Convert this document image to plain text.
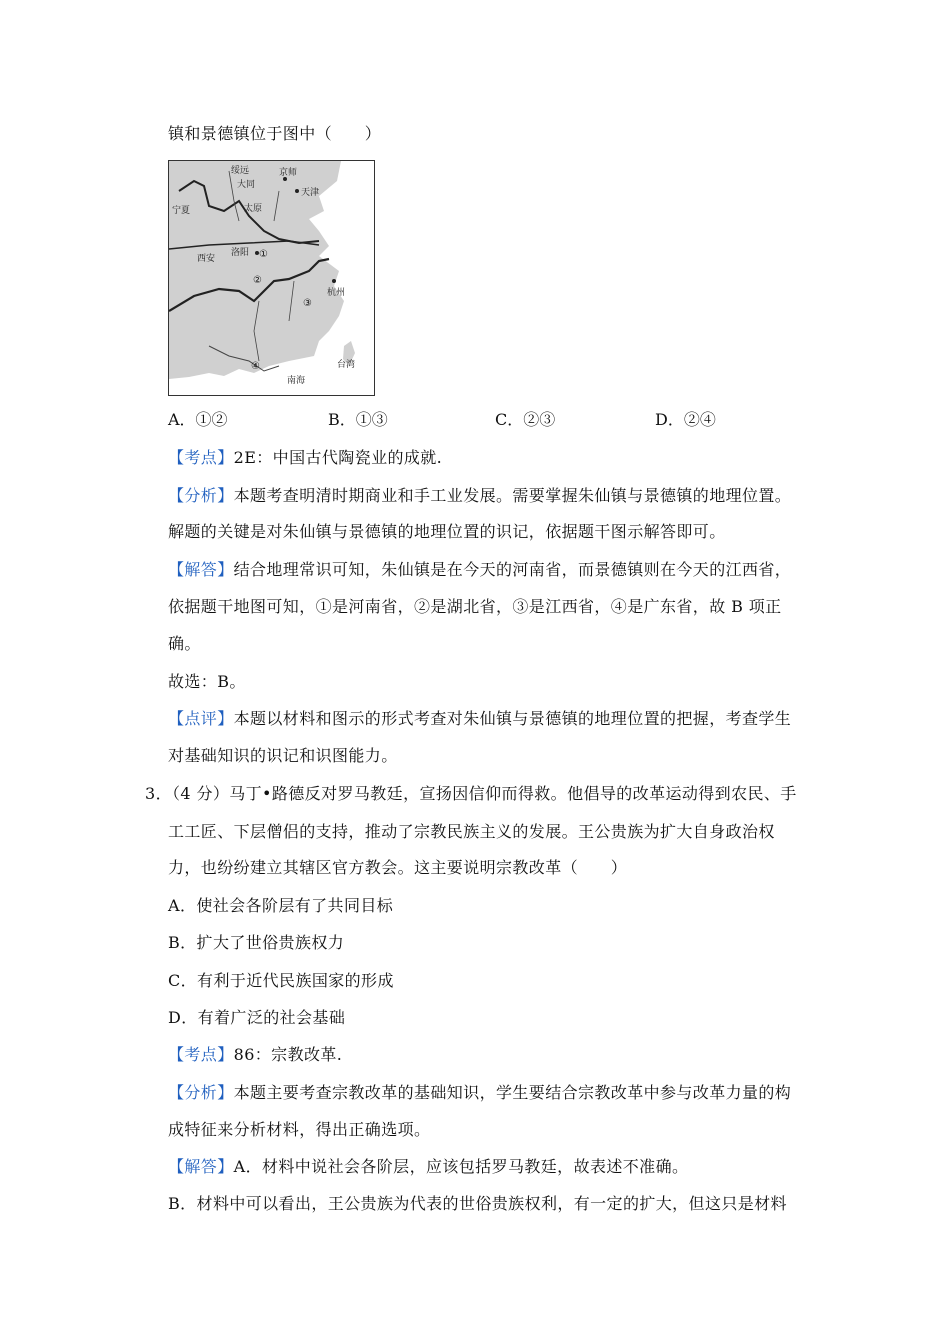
镇和景德镇位于图中（　　）
绥远	京师
大同
天津
宁夏	太原
西安
洛阳
杭州
台湾
南海
①
②
③
④
A．①②	B．①③	C．②③	D．②④
【考点】2E：中国古代陶瓷业的成就.
【分析】本题考查明清时期商业和手工业发展。需要掌握朱仙镇与景德镇的地理位置。
解题的关键是对朱仙镇与景德镇的地理位置的识记，依据题干图示解答即可。
【解答】结合地理常识可知，朱仙镇是在今天的河南省，而景德镇则在今天的江西省，
依据题干地图可知，①是河南省，②是湖北省，③是江西省，④是广东省，故 B 项正
确。
故选：B。
【点评】本题以材料和图示的形式考查对朱仙镇与景德镇的地理位置的把握，考查学生
对基础知识的识记和识图能力。
3．（4 分）马丁•路德反对罗马教廷，宣扬因信仰而得救。他倡导的改革运动得到农民、手
工工匠、下层僧侣的支持，推动了宗教民族主义的发展。王公贵族为扩大自身政治权
力，也纷纷建立其辖区官方教会。这主要说明宗教改革（　　）
A．使社会各阶层有了共同目标
B．扩大了世俗贵族权力
C．有利于近代民族国家的形成
D．有着广泛的社会基础
【考点】86：宗教改革.
【分析】本题主要考查宗教改革的基础知识，学生要结合宗教改革中参与改革力量的构
成特征来分析材料，得出正确选项。
【解答】A．材料中说社会各阶层，应该包括罗马教廷，故表述不准确。
B．材料中可以看出，王公贵族为代表的世俗贵族权利，有一定的扩大，但这只是材料
